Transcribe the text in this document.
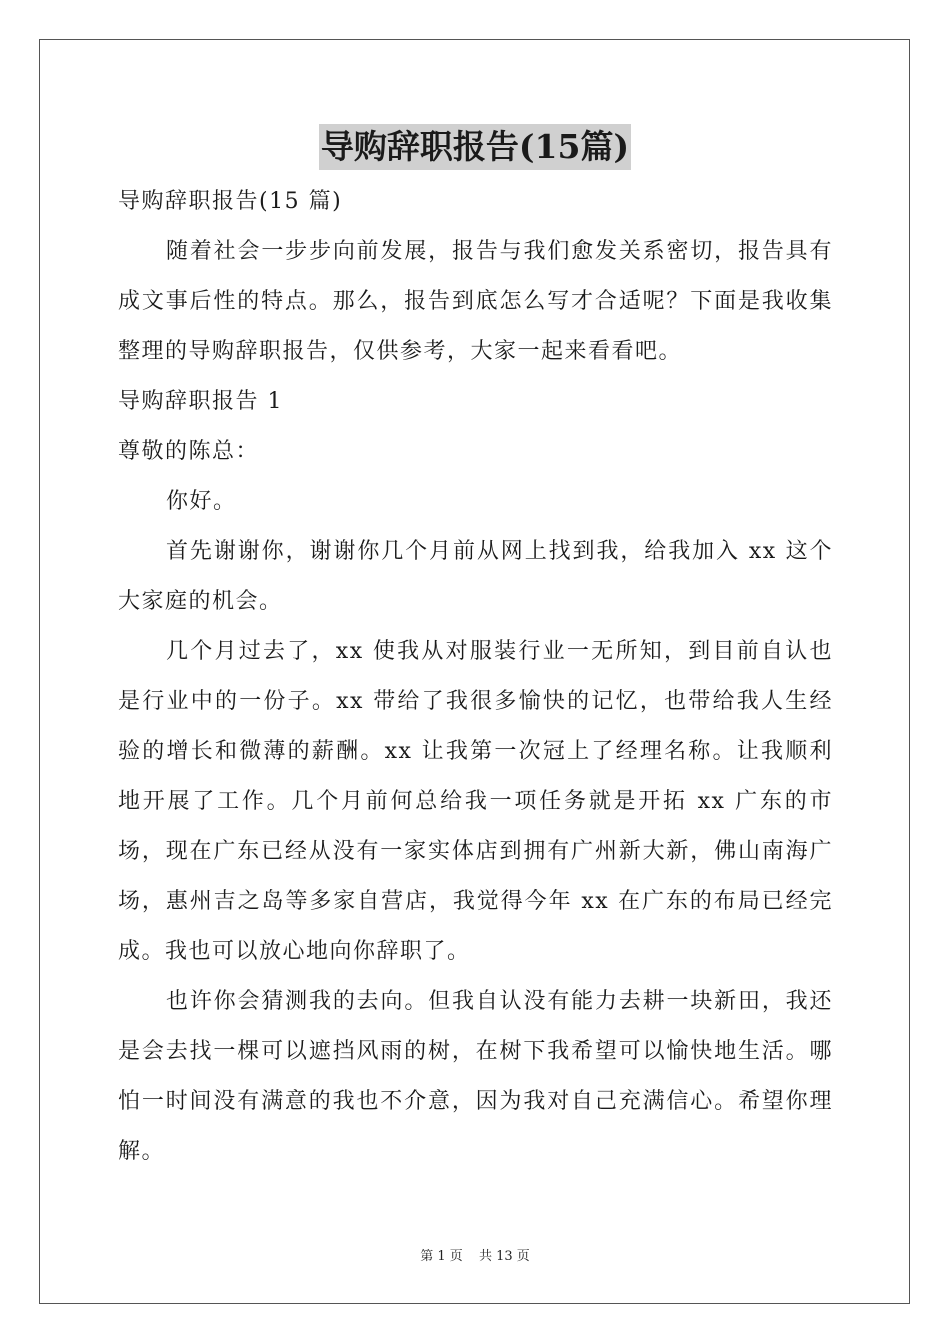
导购辞职报告(15篇)

导购辞职报告(15 篇)

随着社会一步步向前发展，报告与我们愈发关系密切，报告具有成文事后性的特点。那么，报告到底怎么写才合适呢？下面是我收集整理的导购辞职报告，仅供参考，大家一起来看看吧。

导购辞职报告 1

尊敬的陈总：

你好。

首先谢谢你，谢谢你几个月前从网上找到我，给我加入 xx 这个大家庭的机会。

几个月过去了，xx 使我从对服装行业一无所知，到目前自认也是行业中的一份子。xx 带给了我很多愉快的记忆，也带给我人生经验的增长和微薄的薪酬。xx 让我第一次冠上了经理名称。让我顺利地开展了工作。几个月前何总给我一项任务就是开拓 xx 广东的市场，现在广东已经从没有一家实体店到拥有广州新大新，佛山南海广场，惠州吉之岛等多家自营店，我觉得今年 xx 在广东的布局已经完成。我也可以放心地向你辞职了。

也许你会猜测我的去向。但我自认没有能力去耕一块新田，我还是会去找一棵可以遮挡风雨的树，在树下我希望可以愉快地生活。哪怕一时间没有满意的我也不介意，因为我对自己充满信心。希望你理解。

第 1 页 共 13 页
